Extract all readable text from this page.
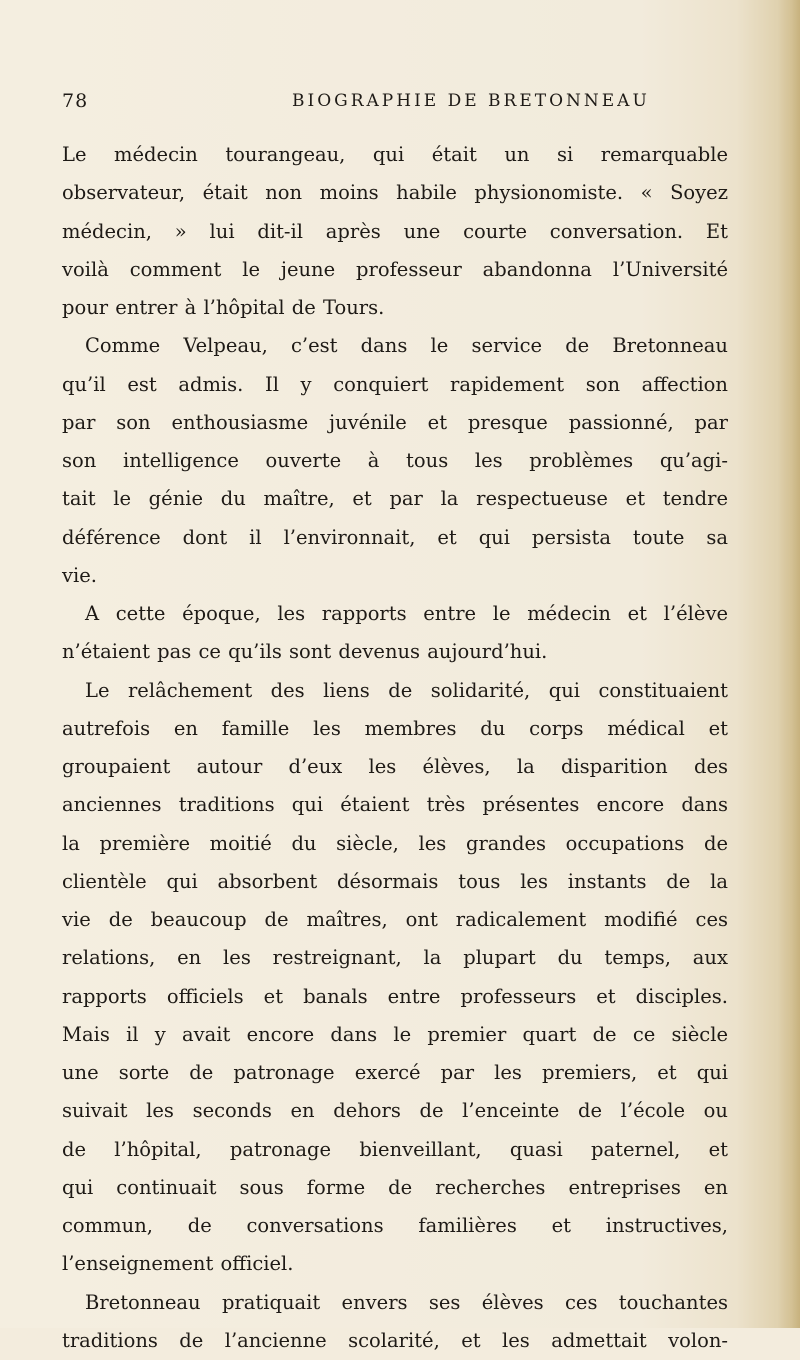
78	BIOGRAPHIE DE BRETONNEAU
Le médecin tourangeau, qui était un si remarquable
observateur, était non moins habile physionomiste. « Soyez
médecin, » lui dit-il après une courte conversation. Et
voilà comment le jeune professeur abandonna l’Université
pour entrer à l’hôpital de Tours.
Comme Velpeau, c’est dans le service de Bretonneau
qu’il est admis. Il y conquiert rapidement son affection
par son enthousiasme juvénile et presque passionné, par
son intelligence ouverte à tous les problèmes qu’agi-
tait le génie du maître, et par la respectueuse et tendre
déférence dont il l’environnait, et qui persista toute sa
vie.
A cette époque, les rapports entre le médecin et l’élève
n’étaient pas ce qu’ils sont devenus aujourd’hui.
Le relâchement des liens de solidarité, qui constituaient
autrefois en famille les membres du corps médical et
groupaient autour d’eux les élèves, la disparition des
anciennes traditions qui étaient très présentes encore dans
la première moitié du siècle, les grandes occupations de
clientèle qui absorbent désormais tous les instants de la
vie de beaucoup de maîtres, ont radicalement modifié ces
relations, en les restreignant, la plupart du temps, aux
rapports officiels et banals entre professeurs et disciples.
Mais il y avait encore dans le premier quart de ce siècle
une sorte de patronage exercé par les premiers, et qui
suivait les seconds en dehors de l’enceinte de l’école ou
de l’hôpital, patronage bienveillant, quasi paternel, et
qui continuait sous forme de recherches entreprises en
commun, de conversations familières et instructives,
l’enseignement officiel.
Bretonneau pratiquait envers ses élèves ces touchantes
traditions de l’ancienne scolarité, et les admettait volon-
